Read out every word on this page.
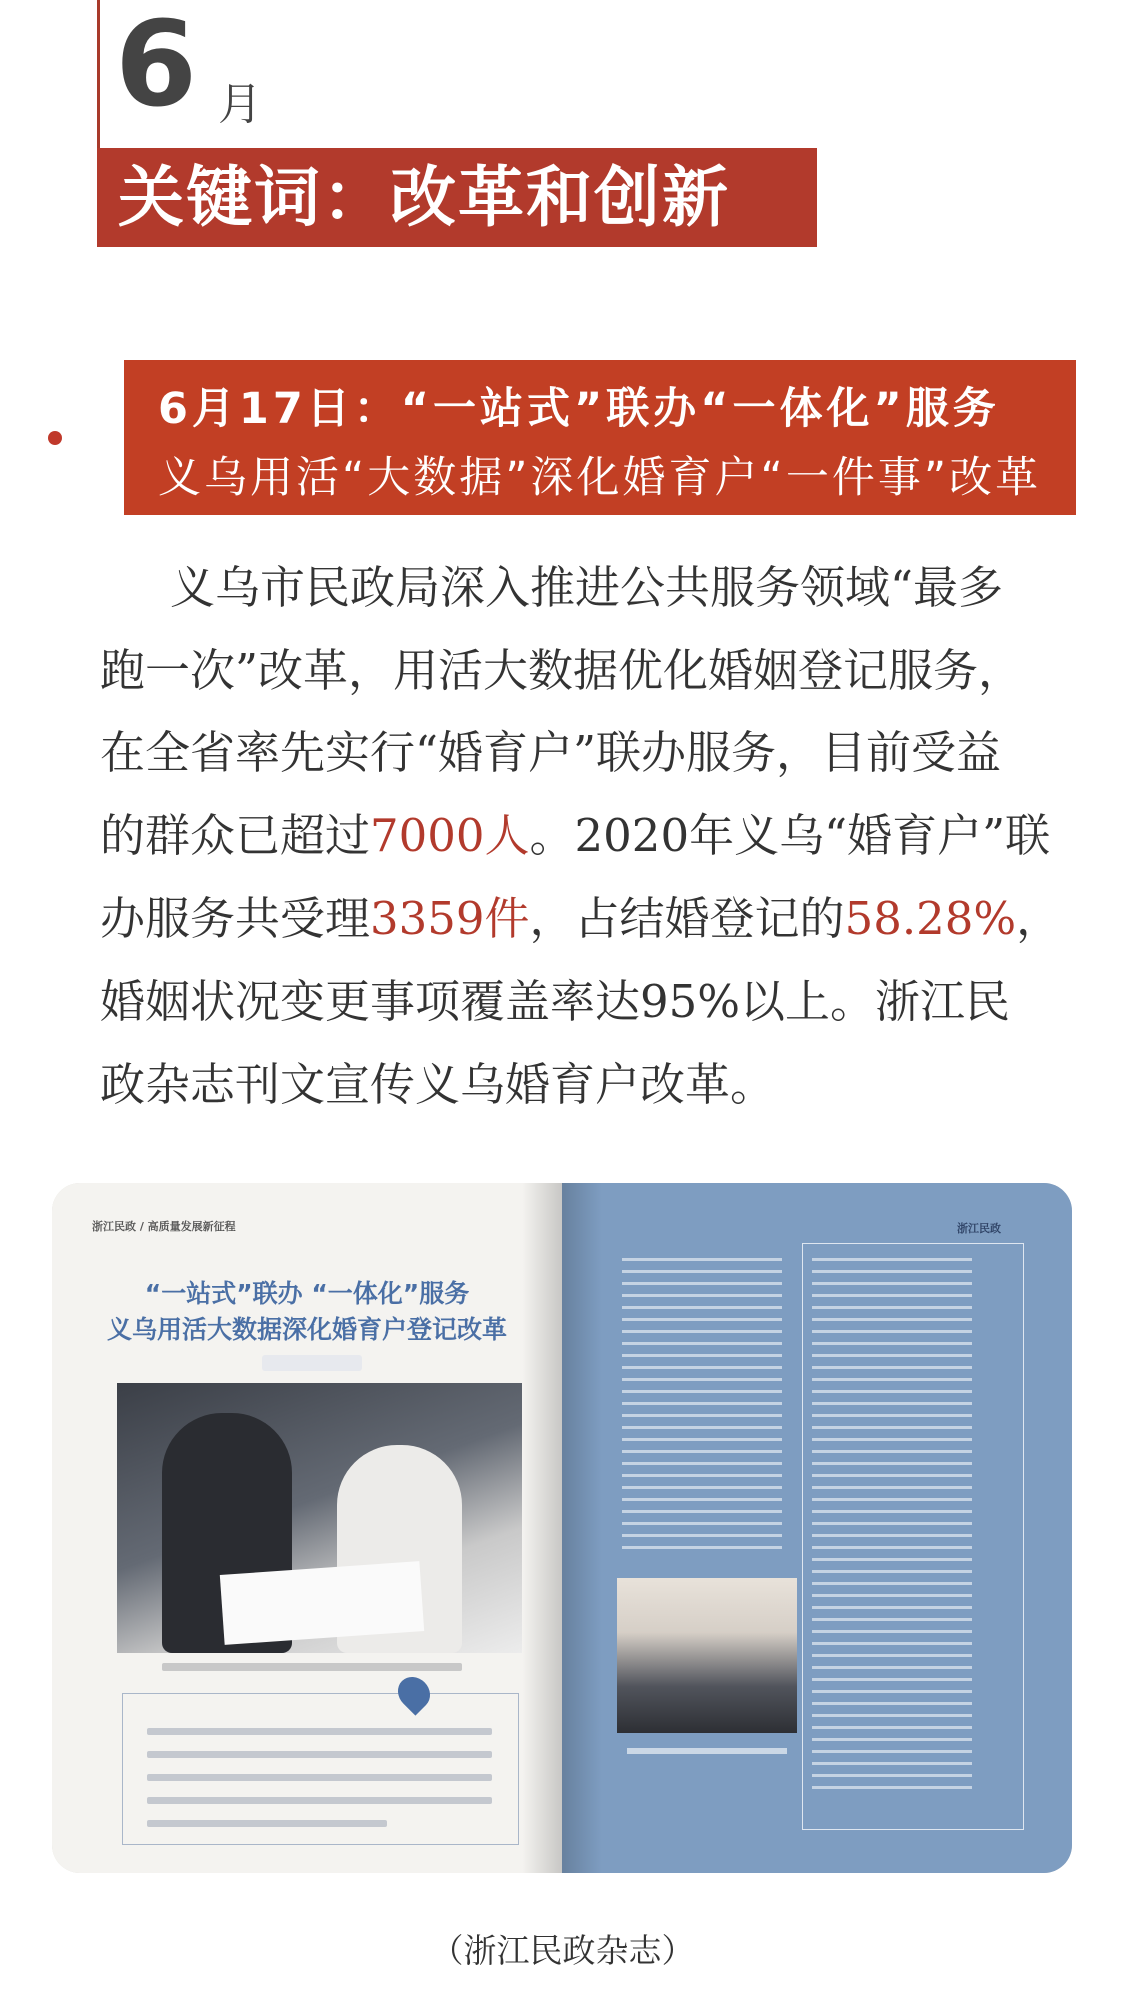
6 月
关键词：改革和创新
6月17日：“一站式”联办“一体化”服务
义乌用活“大数据”深化婚育户“一件事”改革
义乌市民政局深入推进公共服务领域“最多
跑一次”改革，用活大数据优化婚姻登记服务，
在全省率先实行“婚育户”联办服务，目前受益
的群众已超过7000人。2020年义乌“婚育户”联
办服务共受理3359件，占结婚登记的58.28%，
婚姻状况变更事项覆盖率达95%以上。浙江民
政杂志刊文宣传义乌婚育户改革。
浙江民政 / 高质量发展新征程
“一站式”联办 “一体化”服务
义乌用活大数据深化婚育户登记改革
浙江民政
（浙江民政杂志）
